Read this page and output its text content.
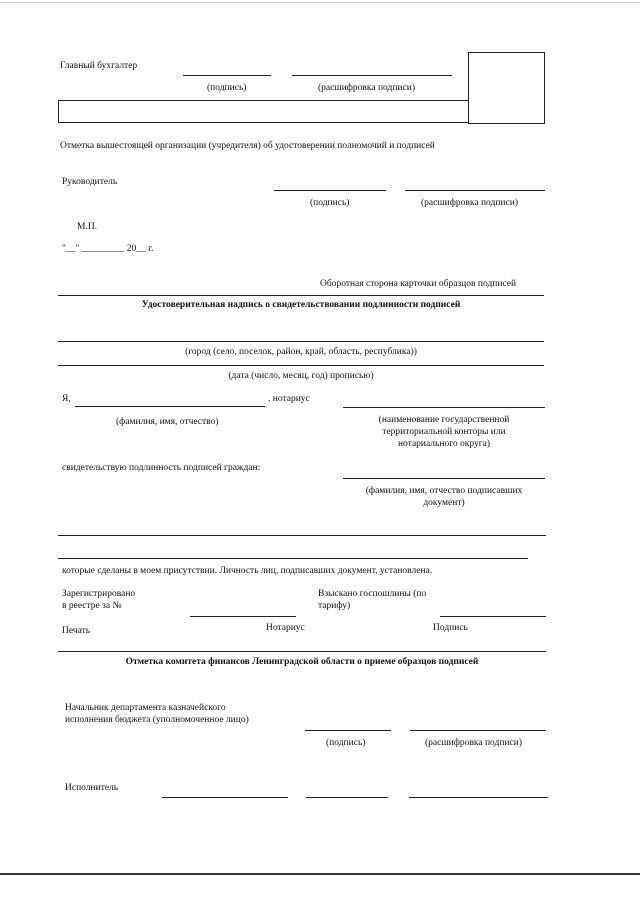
Главный бухгалтер
(подпись)	(расшифровка подписи)
Отметка вышестоящей организации (учредителя) об удостоверении полномочий и подписей
Руководитель
(подпись)	(расшифровка подписи)
М.П.
"__" _________ 20__ г.
Оборотная сторона карточки образцов подписей
Удостоверительная надпись о свидетельствовании подлинности подписей
(город (село, поселок, район, край, область, республика))
(дата (число, месяц, год) прописью)
Я,	, нотариус
(фамилия, имя, отчество)	(наименование государственной
территориальной конторы или
нотариального округа)
свидетельствую подлинность подписей граждан:
(фамилия, имя, отчество подписавших
документ)
которые сделаны в моем присутствии. Личность лиц, подписавших документ, установлена.
Зарегистрировано
в реестре за №
Взыскано госпошлины (по
тарифу)
Печать	Нотариус	Подпись
Отметка комитета финансов Ленинградской области о приеме образцов подписей
Начальник департамента казначейского
исполнения бюджета (уполномоченное лицо)
(подпись)	(расшифровка подписи)
Исполнитель
